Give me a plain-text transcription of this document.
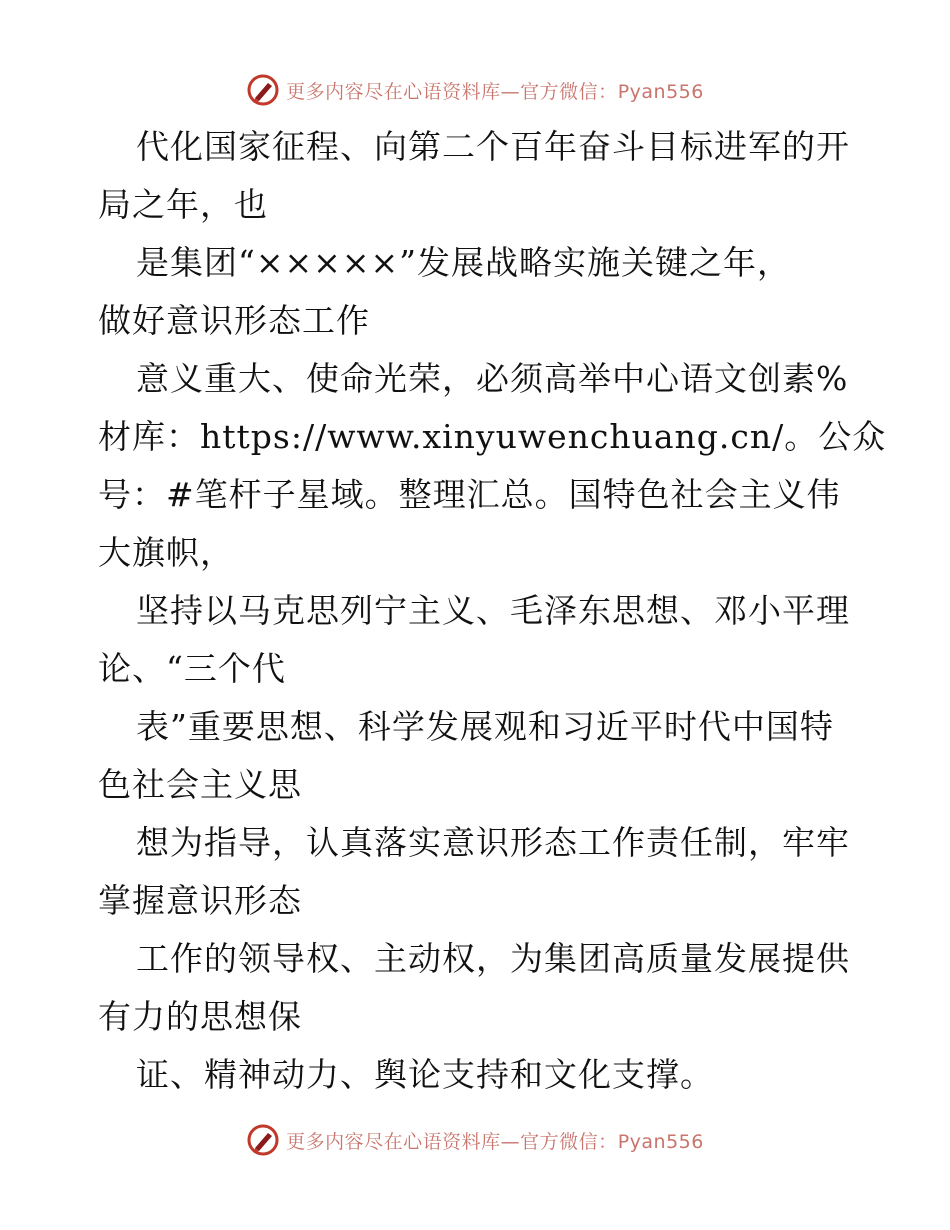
更多内容尽在心语资料库—官方微信：Pyan556
代化国家征程、向第二个百年奋斗目标进军的开
局之年，也
是集团“×××××”发展战略实施关键之年，
做好意识形态工作
意义重大、使命光荣，必须高举中心语文创素%
材库：https://www.xinyuwenchuang.cn/。公众
号：#笔杆子星域。整理汇总。国特色社会主义伟
大旗帜，
坚持以马克思列宁主义、毛泽东思想、邓小平理
论、“三个代
表”重要思想、科学发展观和习近平时代中国特
色社会主义思
想为指导，认真落实意识形态工作责任制，牢牢
掌握意识形态
工作的领导权、主动权，为集团高质量发展提供
有力的思想保
证、精神动力、舆论支持和文化支撑。
更多内容尽在心语资料库—官方微信：Pyan556
